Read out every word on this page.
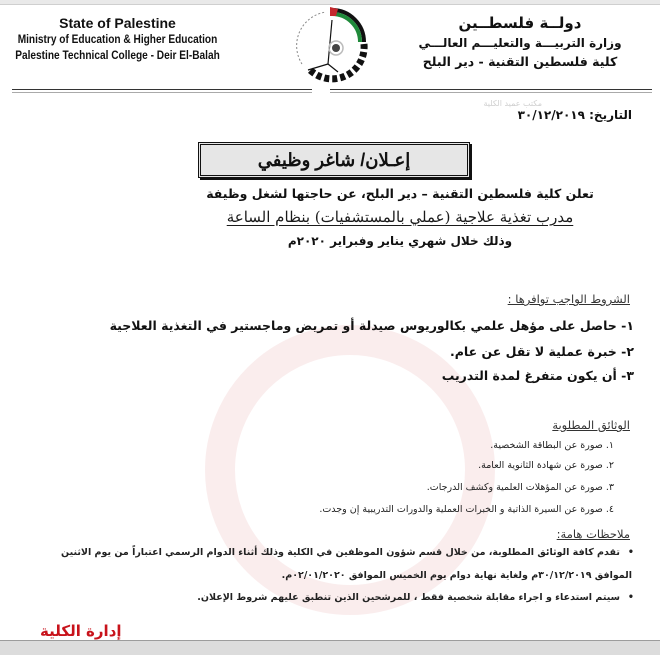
State of Palestine
Ministry of Education & Higher Education
Palestine Technical College - Deir El-Balah
دولــة فلسطــين
وزارة التربيـــة والتعليـــم العالـــي
كلية فلسطين التقنية - دير البلح
مكتب عميد الكلية
التاريخ: ٣٠/١٢/٢٠١٩
إعـلان/ شاغر وظيفي
تعلن كلية فلسطين التقنية – دير البلح، عن حاجتها لشغل وظيفة
مدرب تغذية علاجية (عملي بالمستشفيات) بنظام الساعة
وذلك خلال شهري يناير وفبراير ٢٠٢٠م
الشروط الواجب توافرها :
١- حاصل على مؤهل علمي بكالوريوس صيدلة أو تمريض وماجستير في التغذية العلاجية
٢- خبرة عملية لا تقل عن عام.
٣- أن يكون متفرغ لمدة التدريب
الوثائق المطلوبة
١. صورة عن البطاقة الشخصية.
٢. صورة عن شهادة الثانوية العامة.
٣. صورة عن المؤهلات العلمية وكشف الدرجات.
٤. صورة عن السيرة الذاتية و الخبرات العملية والدورات التدريبية إن وجدت.
ملاحظات هامة:
•تقدم كافة الوثائق المطلوبة، من خلال قسم شؤون الموظفين في الكلية وذلك أثناء الدوام الرسمي اعتباراً من يوم الاثنين
الموافق ٣٠/١٢/٢٠١٩م ولغاية نهاية دوام يوم الخميس الموافق ٠٢/٠١/٢٠٢٠م.
•سيتم استدعاء و اجراء مقابلة شخصية فقط ، للمرشحين الذين تنطبق عليهم شروط الإعلان.
إدارة الكلية
